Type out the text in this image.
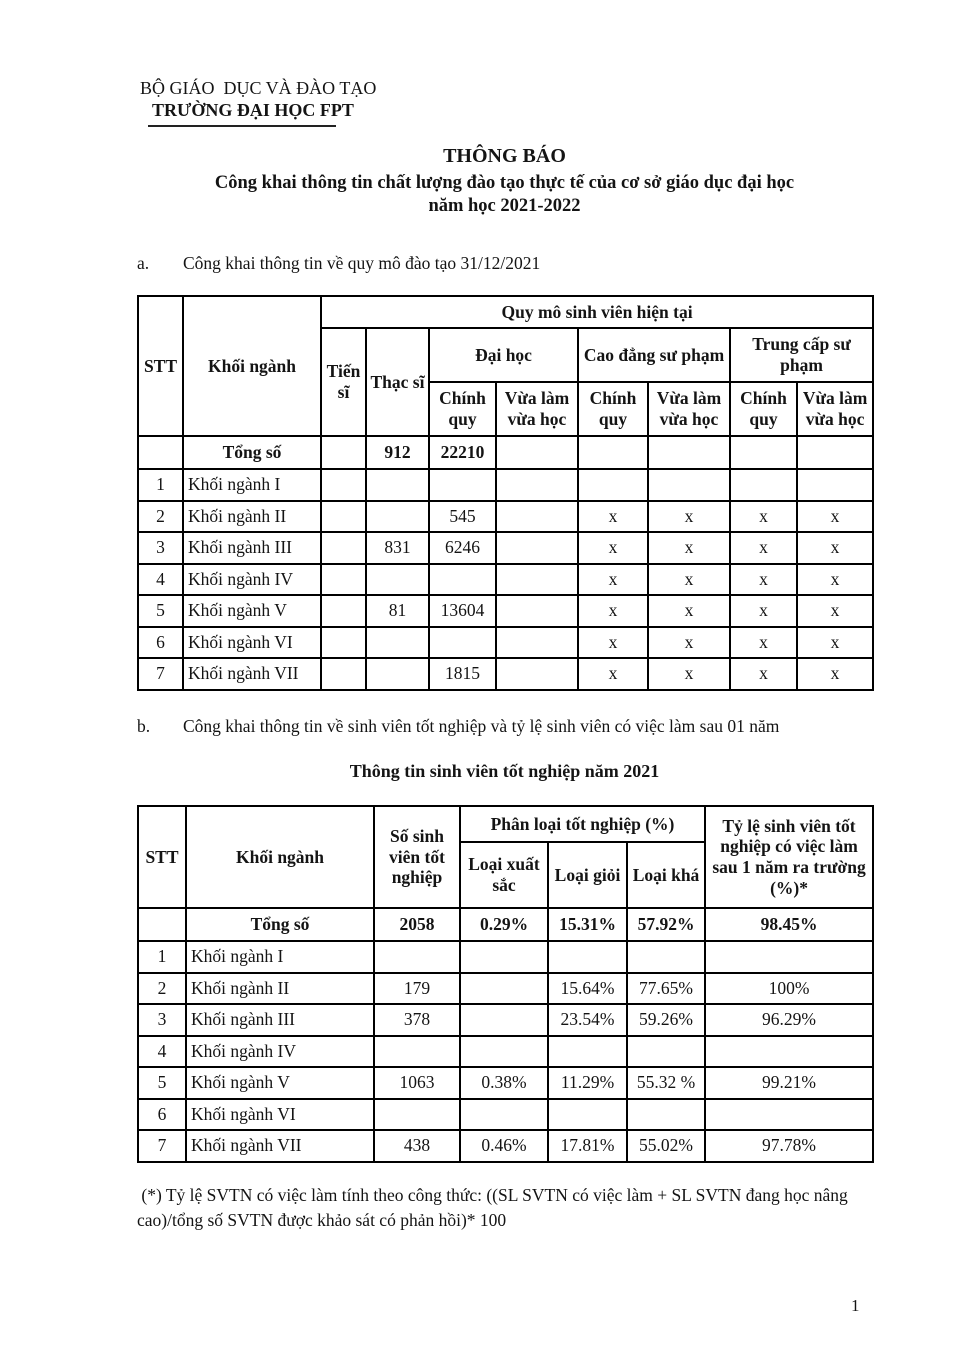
BỘ GIÁO  DỤC VÀ ĐÀO TẠO
TRƯỜNG ĐẠI HỌC FPT
THÔNG BÁO
Công khai thông tin chất lượng đào tạo thực tế của cơ sở giáo dục đại học
năm học 2021-2022
a. Công khai thông tin về quy mô đào tạo 31/12/2021
STT	Khối ngành	Quy mô sinh viên hiện tại							
		Tiến sĩ	Thạc sĩ	Đại học		Cao đẳng sư phạm		Trung cấp sư phạm	
				Chính quy	Vừa làm vừa học	Chính quy	Vừa làm vừa học	Chính quy	Vừa làm vừa học
	Tổng số		912	22210					
1	Khối ngành I								
2	Khối ngành II			545		x	x	x	x
3	Khối ngành III		831	6246		x	x	x	x
4	Khối ngành IV					x	x	x	x
5	Khối ngành V		81	13604		x	x	x	x
6	Khối ngành VI					x	x	x	x
7	Khối ngành VII			1815		x	x	x	x
b. Công khai thông tin về sinh viên tốt nghiệp và tỷ lệ sinh viên có việc làm sau 01 năm
Thông tin sinh viên tốt nghiệp năm 2021
STT	Khối ngành	Số sinh viên tốt nghiệp	Phân loại tốt nghiệp (%)			Tỷ lệ sinh viên tốt nghiệp có việc làm sau 1 năm ra trường (%)*
			Loại xuất sắc	Loại giỏi	Loại khá	
	Tổng số	2058	0.29%	15.31%	57.92%	98.45%
1	Khối ngành I					
2	Khối ngành II	179		15.64%	77.65%	100%
3	Khối ngành III	378		23.54%	59.26%	96.29%
4	Khối ngành IV					
5	Khối ngành V	1063	0.38%	11.29%	55.32 %	99.21%
6	Khối ngành VI					
7	Khối ngành VII	438	0.46%	17.81%	55.02%	97.78%
(*) Tỷ lệ SVTN có việc làm tính theo công thức: ((SL SVTN có việc làm + SL SVTN đang học nâng cao)/tổng số SVTN được khảo sát có phản hồi)* 100
1
